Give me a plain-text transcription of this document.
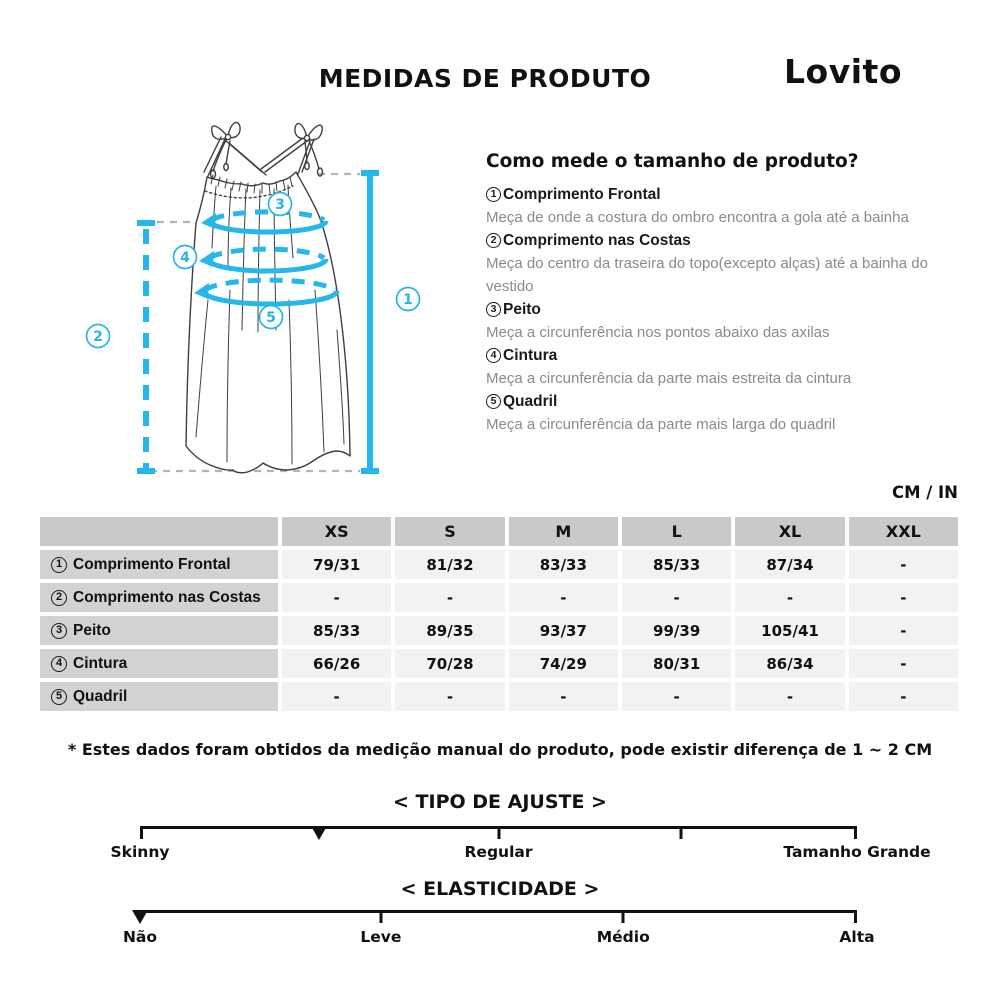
MEDIDAS DE PRODUTO	Lovito
1
2
3
4
5
Como mede o tamanho de produto?
1 Comprimento Frontal
Meça de onde a costura do ombro encontra a gola até a bainha
2 Comprimento nas Costas
Meça do centro da traseira do topo(excepto alças) até a bainha do vestido
3 Peito
Meça a circunferência nos pontos abaixo das axilas
4 Cintura
Meça a circunferência da parte mais estreita da cintura
5 Quadril
Meça a circunferência da parte mais larga do quadril
CM / IN
XS	S	M	L	XL	XXL
1 Comprimento Frontal	79/31	81/32	83/33	85/33	87/34	-
2 Comprimento nas Costas	-	-	-	-	-	-
3 Peito	85/33	89/35	93/37	99/39	105/41	-
4 Cintura	66/26	70/28	74/29	80/31	86/34	-
5 Quadril	-	-	-	-	-	-
* Estes dados foram obtidos da medição manual do produto, pode existir diferença de 1 ~ 2 CM
< TIPO DE AJUSTE >
Skinny	Regular	Tamanho Grande
< ELASTICIDADE >
Não	Leve	Médio	Alta
